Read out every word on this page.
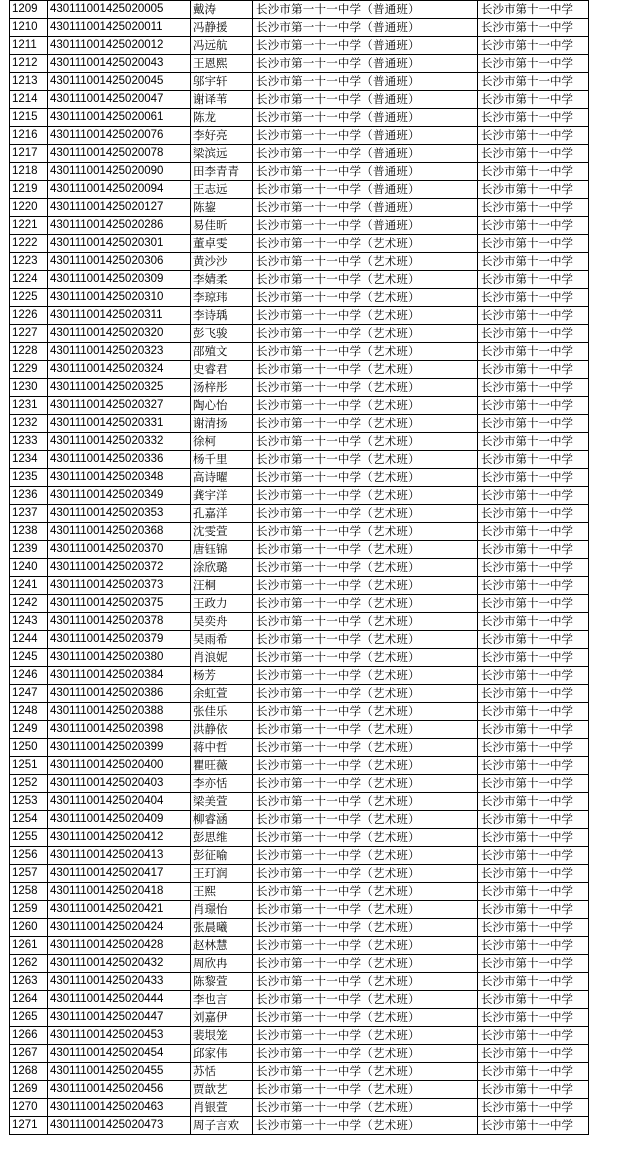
1209	430111001425020005	戴涛	长沙市第一十一中学（普通班）	长沙市第十一中学
1210	430111001425020011	冯静援	长沙市第一十一中学（普通班）	长沙市第十一中学
1211	430111001425020012	冯远航	长沙市第一十一中学（普通班）	长沙市第十一中学
1212	430111001425020043	王恩熙	长沙市第一十一中学（普通班）	长沙市第十一中学
1213	430111001425020045	邬宇轩	长沙市第一十一中学（普通班）	长沙市第十一中学
1214	430111001425020047	谢译苇	长沙市第一十一中学（普通班）	长沙市第十一中学
1215	430111001425020061	陈龙	长沙市第一十一中学（普通班）	长沙市第十一中学
1216	430111001425020076	李好亮	长沙市第一十一中学（普通班）	长沙市第十一中学
1217	430111001425020078	梁滨远	长沙市第一十一中学（普通班）	长沙市第十一中学
1218	430111001425020090	田李青青	长沙市第一十一中学（普通班）	长沙市第十一中学
1219	430111001425020094	王志远	长沙市第一十一中学（普通班）	长沙市第十一中学
1220	430111001425020127	陈鋆	长沙市第一十一中学（普通班）	长沙市第十一中学
1221	430111001425020286	易佳昕	长沙市第一十一中学（普通班）	长沙市第十一中学
1222	430111001425020301	董卓雯	长沙市第一十一中学（艺术班）	长沙市第十一中学
1223	430111001425020306	黄沙沙	长沙市第一十一中学（艺术班）	长沙市第十一中学
1224	430111001425020309	李婧柔	长沙市第一十一中学（艺术班）	长沙市第十一中学
1225	430111001425020310	李琼玮	长沙市第一十一中学（艺术班）	长沙市第十一中学
1226	430111001425020311	李诗瑀	长沙市第一十一中学（艺术班）	长沙市第十一中学
1227	430111001425020320	彭飞骏	长沙市第一十一中学（艺术班）	长沙市第十一中学
1228	430111001425020323	邵殖文	长沙市第一十一中学（艺术班）	长沙市第十一中学
1229	430111001425020324	史睿君	长沙市第一十一中学（艺术班）	长沙市第十一中学
1230	430111001425020325	汤梓彤	长沙市第一十一中学（艺术班）	长沙市第十一中学
1231	430111001425020327	陶心怡	长沙市第一十一中学（艺术班）	长沙市第十一中学
1232	430111001425020331	谢清扬	长沙市第一十一中学（艺术班）	长沙市第十一中学
1233	430111001425020332	徐柯	长沙市第一十一中学（艺术班）	长沙市第十一中学
1234	430111001425020336	杨千里	长沙市第一十一中学（艺术班）	长沙市第十一中学
1235	430111001425020348	高诗曜	长沙市第一十一中学（艺术班）	长沙市第十一中学
1236	430111001425020349	龚宇洋	长沙市第一十一中学（艺术班）	长沙市第十一中学
1237	430111001425020353	孔嘉洋	长沙市第一十一中学（艺术班）	长沙市第十一中学
1238	430111001425020368	沈雯萱	长沙市第一十一中学（艺术班）	长沙市第十一中学
1239	430111001425020370	唐钰锦	长沙市第一十一中学（艺术班）	长沙市第十一中学
1240	430111001425020372	涂欣璐	长沙市第一十一中学（艺术班）	长沙市第十一中学
1241	430111001425020373	汪桐	长沙市第一十一中学（艺术班）	长沙市第十一中学
1242	430111001425020375	王政力	长沙市第一十一中学（艺术班）	长沙市第十一中学
1243	430111001425020378	吴奕舟	长沙市第一十一中学（艺术班）	长沙市第十一中学
1244	430111001425020379	吴雨希	长沙市第一十一中学（艺术班）	长沙市第十一中学
1245	430111001425020380	肖浪妮	长沙市第一十一中学（艺术班）	长沙市第十一中学
1246	430111001425020384	杨芳	长沙市第一十一中学（艺术班）	长沙市第十一中学
1247	430111001425020386	余虹萱	长沙市第一十一中学（艺术班）	长沙市第十一中学
1248	430111001425020388	张佳乐	长沙市第一十一中学（艺术班）	长沙市第十一中学
1249	430111001425020398	洪静依	长沙市第一十一中学（艺术班）	长沙市第十一中学
1250	430111001425020399	蒋中哲	长沙市第一十一中学（艺术班）	长沙市第十一中学
1251	430111001425020400	瞿旺薇	长沙市第一十一中学（艺术班）	长沙市第十一中学
1252	430111001425020403	李亦恬	长沙市第一十一中学（艺术班）	长沙市第十一中学
1253	430111001425020404	梁美萱	长沙市第一十一中学（艺术班）	长沙市第十一中学
1254	430111001425020409	柳睿涵	长沙市第一十一中学（艺术班）	长沙市第十一中学
1255	430111001425020412	彭思维	长沙市第一十一中学（艺术班）	长沙市第十一中学
1256	430111001425020413	彭征喻	长沙市第一十一中学（艺术班）	长沙市第十一中学
1257	430111001425020417	王玎润	长沙市第一十一中学（艺术班）	长沙市第十一中学
1258	430111001425020418	王熙	长沙市第一十一中学（艺术班）	长沙市第十一中学
1259	430111001425020421	肖璟怡	长沙市第一十一中学（艺术班）	长沙市第十一中学
1260	430111001425020424	张晨曦	长沙市第一十一中学（艺术班）	长沙市第十一中学
1261	430111001425020428	赵林慧	长沙市第一十一中学（艺术班）	长沙市第十一中学
1262	430111001425020432	周欣冉	长沙市第一十一中学（艺术班）	长沙市第十一中学
1263	430111001425020433	陈黎萱	长沙市第一十一中学（艺术班）	长沙市第十一中学
1264	430111001425020444	李也言	长沙市第一十一中学（艺术班）	长沙市第十一中学
1265	430111001425020447	刘嘉伊	长沙市第一十一中学（艺术班）	长沙市第十一中学
1266	430111001425020453	裴垠笼	长沙市第一十一中学（艺术班）	长沙市第十一中学
1267	430111001425020454	邱家伟	长沙市第一十一中学（艺术班）	长沙市第十一中学
1268	430111001425020455	苏恬	长沙市第一十一中学（艺术班）	长沙市第十一中学
1269	430111001425020456	贾歆艺	长沙市第一十一中学（艺术班）	长沙市第十一中学
1270	430111001425020463	肖银萱	长沙市第一十一中学（艺术班）	长沙市第十一中学
1271	430111001425020473	周子言欢	长沙市第一十一中学（艺术班）	长沙市第十一中学
